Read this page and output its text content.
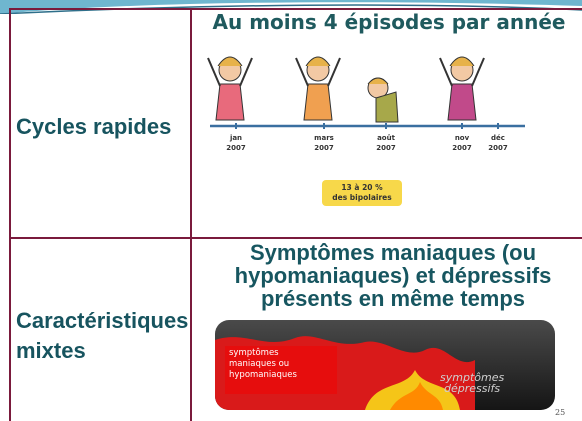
Cycles rapides
Caractéristiques
mixtes
Au moins 4 épisodes par année
jan
2007
mars
2007
août
2007
nov
2007
déc
2007
13 à 20 %
des bipolaires
Symptômes maniaques (ou
hypomaniaques) et dépressifs
présents en même temps
symptômes
maniaques ou
hypomaniaques	symptômes
dépressifs
25
